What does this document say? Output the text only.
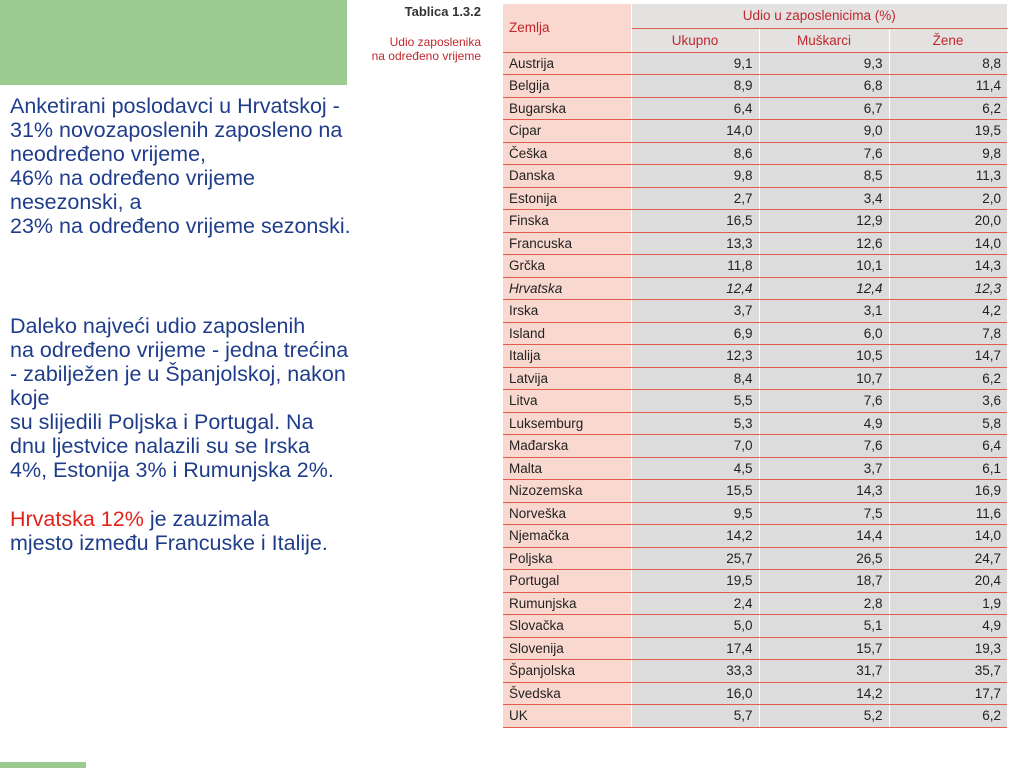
Tablica 1.3.2
Udio zaposlenika
na određeno vrijeme
Anketirani poslodavci u Hrvatskoj -
31% novozaposlenih zaposleno na
neodređeno vrijeme,
46% na određeno vrijeme
nesezonski, a
23% na određeno vrijeme sezonski.
Daleko najveći udio zaposlenih
na određeno vrijeme - jedna trećina
- zabilježen je u Španjolskoj, nakon
koje
su slijedili Poljska i Portugal. Na
dnu ljestvice nalazili su se Irska
4%, Estonija 3% i Rumunjska 2%.
Hrvatska 12% je zauzimala
mjesto između Francuske i Italije.
Zemlja	Udio u zaposlenicima (%)		
	Ukupno	Muškarci	Žene
Austrija	9,1	9,3	8,8
Belgija	8,9	6,8	11,4
Bugarska	6,4	6,7	6,2
Cipar	14,0	9,0	19,5
Češka	8,6	7,6	9,8
Danska	9,8	8,5	11,3
Estonija	2,7	3,4	2,0
Finska	16,5	12,9	20,0
Francuska	13,3	12,6	14,0
Grčka	11,8	10,1	14,3
Hrvatska	12,4	12,4	12,3
Irska	3,7	3,1	4,2
Island	6,9	6,0	7,8
Italija	12,3	10,5	14,7
Latvija	8,4	10,7	6,2
Litva	5,5	7,6	3,6
Luksemburg	5,3	4,9	5,8
Mađarska	7,0	7,6	6,4
Malta	4,5	3,7	6,1
Nizozemska	15,5	14,3	16,9
Norveška	9,5	7,5	11,6
Njemačka	14,2	14,4	14,0
Poljska	25,7	26,5	24,7
Portugal	19,5	18,7	20,4
Rumunjska	2,4	2,8	1,9
Slovačka	5,0	5,1	4,9
Slovenija	17,4	15,7	19,3
Španjolska	33,3	31,7	35,7
Švedska	16,0	14,2	17,7
UK	5,7	5,2	6,2
